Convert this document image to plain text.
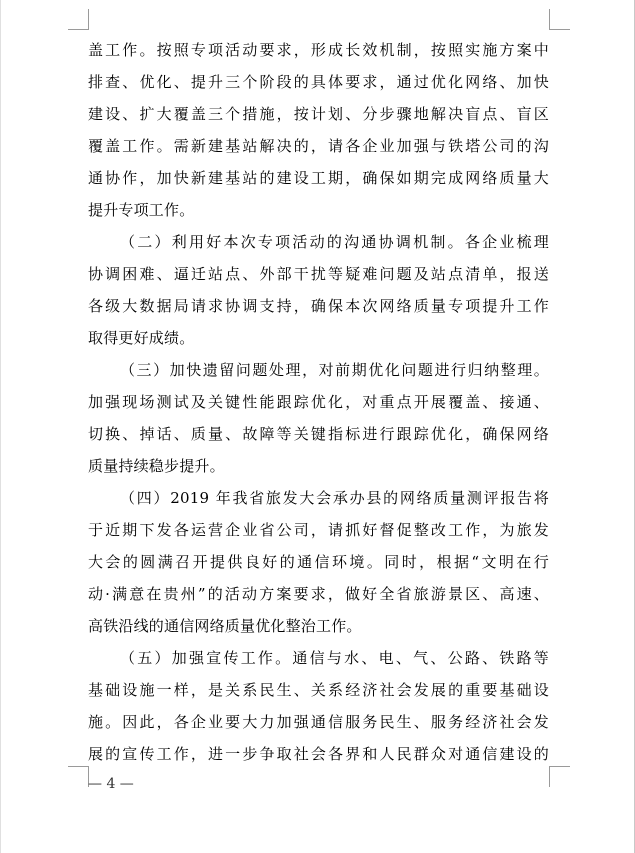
盖工作。按照专项活动要求，形成长效机制，按照实施方案中
排查、优化、提升三个阶段的具体要求，通过优化网络、加快
建设、扩大覆盖三个措施，按计划、分步骤地解决盲点、盲区
覆盖工作。需新建基站解决的，请各企业加强与铁塔公司的沟
通协作，加快新建基站的建设工期，确保如期完成网络质量大
提升专项工作。
（二）利用好本次专项活动的沟通协调机制。各企业梳理
协调困难、逼迁站点、外部干扰等疑难问题及站点清单，报送
各级大数据局请求协调支持，确保本次网络质量专项提升工作
取得更好成绩。
（三）加快遗留问题处理，对前期优化问题进行归纳整理。
加强现场测试及关键性能跟踪优化，对重点开展覆盖、接通、
切换、掉话、质量、故障等关键指标进行跟踪优化，确保网络
质量持续稳步提升。
（四）2019 年我省旅发大会承办县的网络质量测评报告将
于近期下发各运营企业省公司，请抓好督促整改工作，为旅发
大会的圆满召开提供良好的通信环境。同时，根据“文明在行
动·满意在贵州”的活动方案要求，做好全省旅游景区、高速、
高铁沿线的通信网络质量优化整治工作。
（五）加强宣传工作。通信与水、电、气、公路、铁路等
基础设施一样，是关系民生、关系经济社会发展的重要基础设
施。因此，各企业要大力加强通信服务民生、服务经济社会发
展的宣传工作，进一步争取社会各界和人民群众对通信建设的
— 4 —
